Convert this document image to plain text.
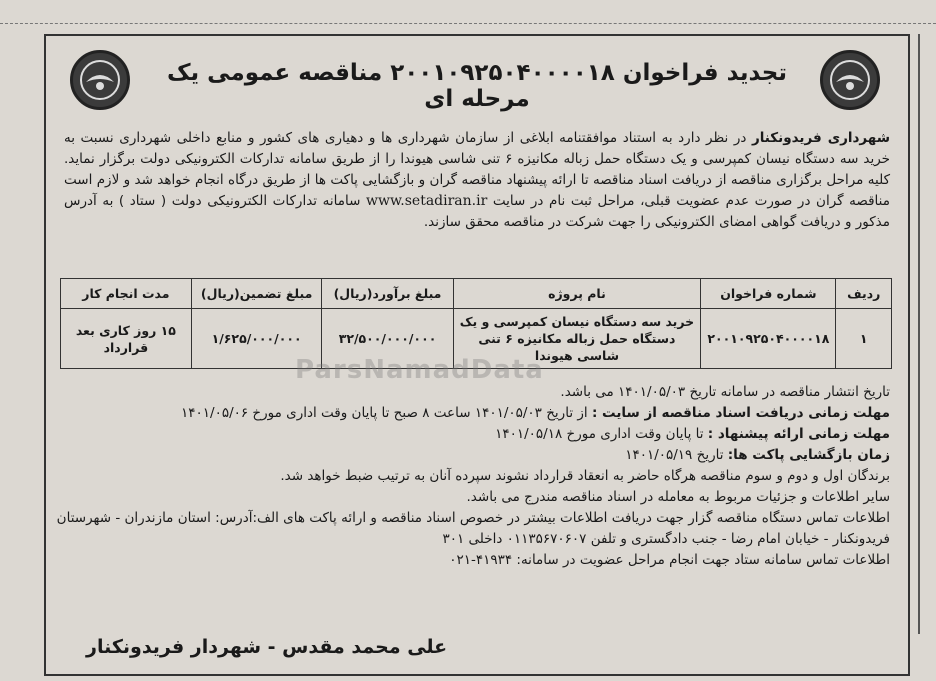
تجدید فراخوان ۲۰۰۱۰۹۲۵۰۴۰۰۰۰۱۸ مناقصه عمومی یک مرحله ای
شهرداری فریدونکنار در نظر دارد به استناد موافقتنامه ابلاغی از سازمان شهرداری ها و دهیاری های کشور و منابع داخلی شهرداری نسبت به خرید سه دستگاه نیسان کمپرسی و یک دستگاه حمل زباله مکانیزه ۶ تنی شاسی هیوندا را از طریق سامانه تدارکات الکترونیکی دولت برگزار نماید. کلیه مراحل برگزاری مناقصه از دریافت اسناد مناقصه تا ارائه پیشنهاد مناقصه گران و بازگشایی پاکت ها از طریق درگاه انجام خواهد شد و لازم است مناقصه گران در صورت عدم عضویت قبلی، مراحل ثبت نام در سایت www.setadiran.ir سامانه تدارکات الکترونیکی دولت ( ستاد ) به آدرس مذکور و دریافت گواهی امضای الکترونیکی را جهت شرکت در مناقصه محقق سازند.
ردیف	شماره فراخوان	نام پروژه	مبلغ برآورد(ریال)	مبلغ تضمین(ریال)	مدت انجام کار
۱	۲۰۰۱۰۹۲۵۰۴۰۰۰۰۱۸	خرید سه دستگاه نیسان کمپرسی و یک دستگاه حمل زباله مکانیزه ۶ تنی شاسی هیوندا	۳۲/۵۰۰/۰۰۰/۰۰۰	۱/۶۲۵/۰۰۰/۰۰۰	۱۵ روز کاری بعد قرارداد
تاریخ انتشار مناقصه در سامانه تاریخ ۱۴۰۱/۰۵/۰۳ می باشد.
مهلت زمانی دریافت اسناد مناقصه از سایت : از تاریخ ۱۴۰۱/۰۵/۰۳ ساعت ۸ صبح تا پایان وقت اداری مورخ ۱۴۰۱/۰۵/۰۶
مهلت زمانی ارائه پیشنهاد : تا پایان وقت اداری مورخ ۱۴۰۱/۰۵/۱۸
زمان بازگشایی پاکت ها: تاریخ ۱۴۰۱/۰۵/۱۹
برندگان اول و دوم و سوم مناقصه هرگاه حاضر به انعقاد قرارداد نشوند سپرده آنان به ترتیب ضبط خواهد شد.
سایر اطلاعات و جزئیات مربوط به معامله در اسناد مناقصه مندرج می باشد.
اطلاعات تماس دستگاه مناقصه گزار جهت دریافت اطلاعات بیشتر در خصوص اسناد مناقصه و ارائه پاکت های الف:آدرس: استان مازندران - شهرستان
فریدونکنار - خیابان امام رضا - جنب دادگستری و تلفن ۰۱۱۳۵۶۷۰۶۰۷ داخلی ۳۰۱
اطلاعات تماس سامانه ستاد جهت انجام مراحل عضویت در سامانه: ۴۱۹۳۴-۰۲۱
علی محمد مقدس - شهردار فریدونکنار
ParsNamadData
